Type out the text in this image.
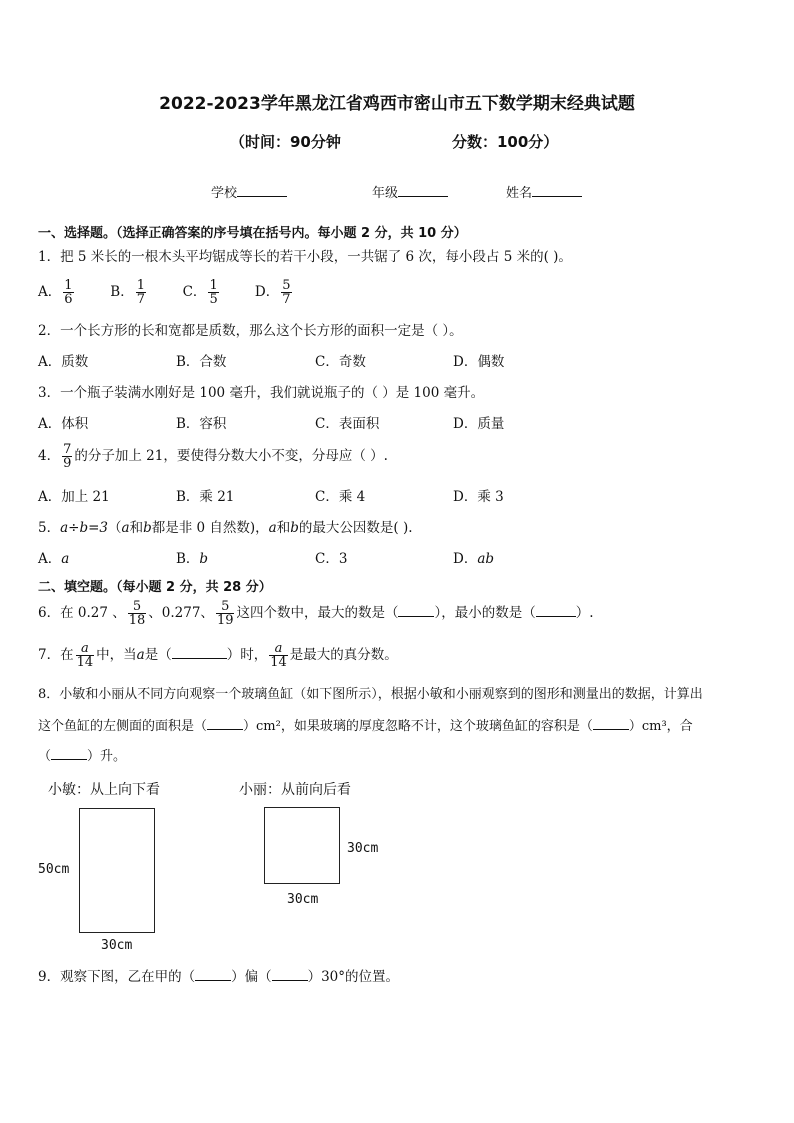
2022-2023学年黑龙江省鸡西市密山市五下数学期末经典试题
（时间：90分钟	分数：100分）
学校	年级	姓名
一、选择题。（选择正确答案的序号填在括号内。每小题 2 分，共 10 分）
1．把 5 米长的一根木头平均锯成等长的若干小段，一共锯了 6 次，每小段占 5 米的( )。
A． $\frac{1}{6}$	B． $\frac{1}{7}$	C． $\frac{1}{5}$	D． $\frac{5}{7}$
2．一个长方形的长和宽都是质数，那么这个长方形的面积一定是（ ）。
A．质数	B．合数	C．奇数	D．偶数
3．一个瓶子装满水刚好是 100 毫升，我们就说瓶子的（ ）是 100 毫升。
A．体积	B．容积	C．表面积	D．质量
4． $\frac{7}{9}$ 的分子加上 21，要使得分数大小不变，分母应（ ）.
A．加上 21	B．乘 21	C．乘 4	D．乘 3
5．a÷b=3（a和b都是非 0 自然数)，a和b的最大公因数是( ).
A．a	B．b	C．3	D．ab
二、填空题。（每小题 2 分，共 28 分）
6．在 0.27 、 $\frac{5}{18}$ 、0.277、 $\frac{5}{19}$ 这四个数中，最大的数是（	），最小的数是（	）.
7．在 $\frac{a}{14}$ 中，当a是（	）时， $\frac{a}{14}$ 是最大的真分数。
8．小敏和小丽从不同方向观察一个玻璃鱼缸（如下图所示），根据小敏和小丽观察到的图形和测量出的数据，计算出
这个鱼缸的左侧面的面积是（	）cm²，如果玻璃的厚度忽略不计，这个玻璃鱼缸的容积是（	）cm³，合
（	）升。
小敏：从上向下看	小丽：从前向后看
50cm
30cm
30cm
30cm
9．观察下图，乙在甲的（	）偏（	）30°的位置。
